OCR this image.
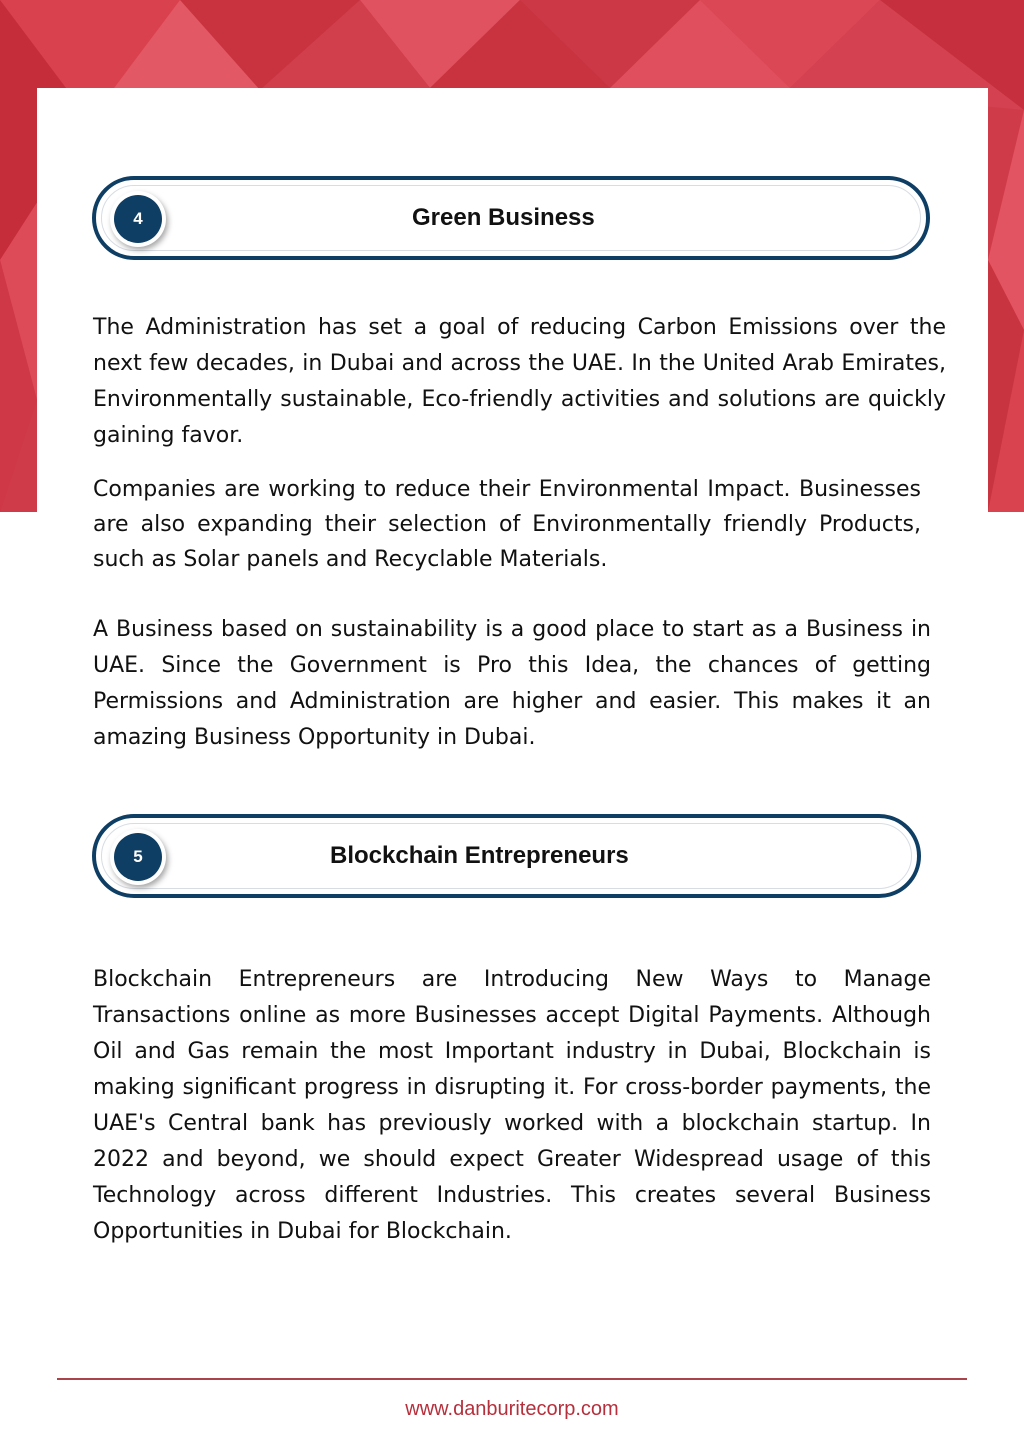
4	Green Business

The Administration has set a goal of reducing Carbon Emissions over the next few decades, in Dubai and across the UAE. In the United Arab Emirates, Environmentally sustainable, Eco-friendly activities and solutions are quickly gaining favor.

Companies are working to reduce their Environmental Impact. Businesses are also expanding their selection of Environmentally friendly Products, such as Solar panels and Recyclable Materials.

A Business based on sustainability is a good place to start as a Business in UAE. Since the Government is Pro this Idea, the chances of getting Permissions and Administration are higher and easier. This makes it an amazing Business Opportunity in Dubai.

5	Blockchain Entrepreneurs

Blockchain Entrepreneurs are Introducing New Ways to Manage Transactions online as more Businesses accept Digital Payments. Although Oil and Gas remain the most Important industry in Dubai, Blockchain is making significant progress in disrupting it. For cross-border payments, the UAE's Central bank has previously worked with a blockchain startup. In 2022 and beyond, we should expect Greater Widespread usage of this Technology across different Industries. This creates several Business Opportunities in Dubai for Blockchain.

www.danburitecorp.com
